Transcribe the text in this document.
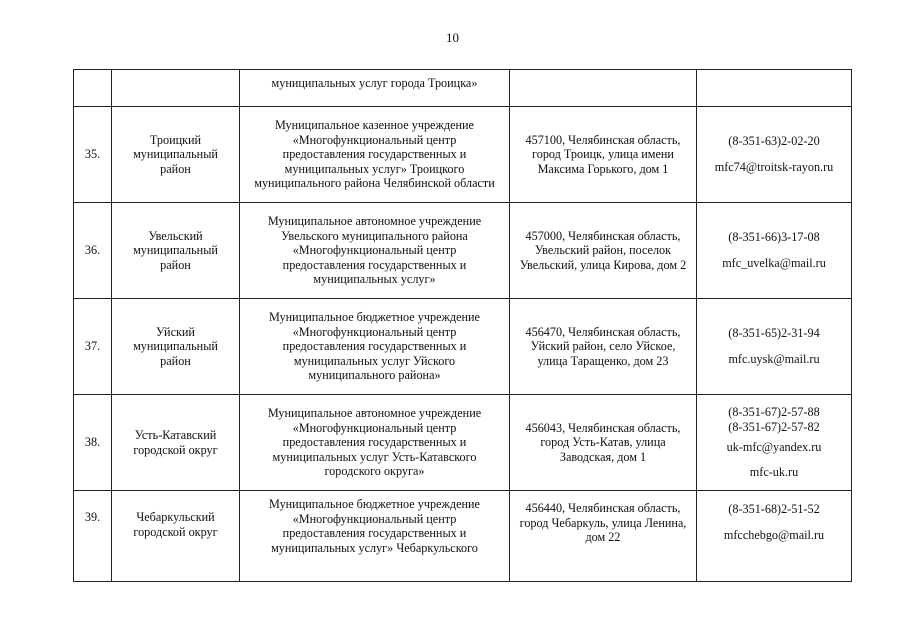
10

		муниципальных услуг города Троицка»		

35.	Троицкий
муниципальный
район	Муниципальное казенное учреждение
«Многофункциональный центр
предоставления государственных и
муниципальных услуг» Троицкого
муниципального района Челябинской области	457100, Челябинская область,
город Троицк, улица имени
Максима Горького, дом 1	(8-351-63)2-02-20
mfc74@troitsk-rayon.ru

36.	Увельский
муниципальный
район	Муниципальное автономное учреждение
Увельского муниципального района
«Многофункциональный центр
предоставления государственных и
муниципальных услуг»	457000, Челябинская область,
Увельский район, поселок
Увельский, улица Кирова, дом 2	(8-351-66)3-17-08
mfc_uvelka@mail.ru

37.	Уйский
муниципальный
район	Муниципальное бюджетное учреждение
«Многофункциональный центр
предоставления государственных и
муниципальных услуг Уйского
муниципального района»	456470, Челябинская область,
Уйский район, село Уйское,
улица Таращенко, дом 23	(8-351-65)2-31-94
mfc.uysk@mail.ru

38.	Усть-Катавский
городской округ	Муниципальное автономное учреждение
«Многофункциональный центр
предоставления государственных и
муниципальных услуг Усть-Катавского
городского округа»	456043, Челябинская область,
город Усть-Катав, улица
Заводская, дом 1	(8-351-67)2-57-88
(8-351-67)2-57-82
uk-mfc@yandex.ru
mfc-uk.ru

39.	Чебаркульский
городской округ	Муниципальное бюджетное учреждение
«Многофункциональный центр
предоставления государственных и
муниципальных услуг» Чебаркульского	456440, Челябинская область,
город Чебаркуль, улица Ленина,
дом 22	(8-351-68)2-51-52
mfcchebgo@mail.ru
